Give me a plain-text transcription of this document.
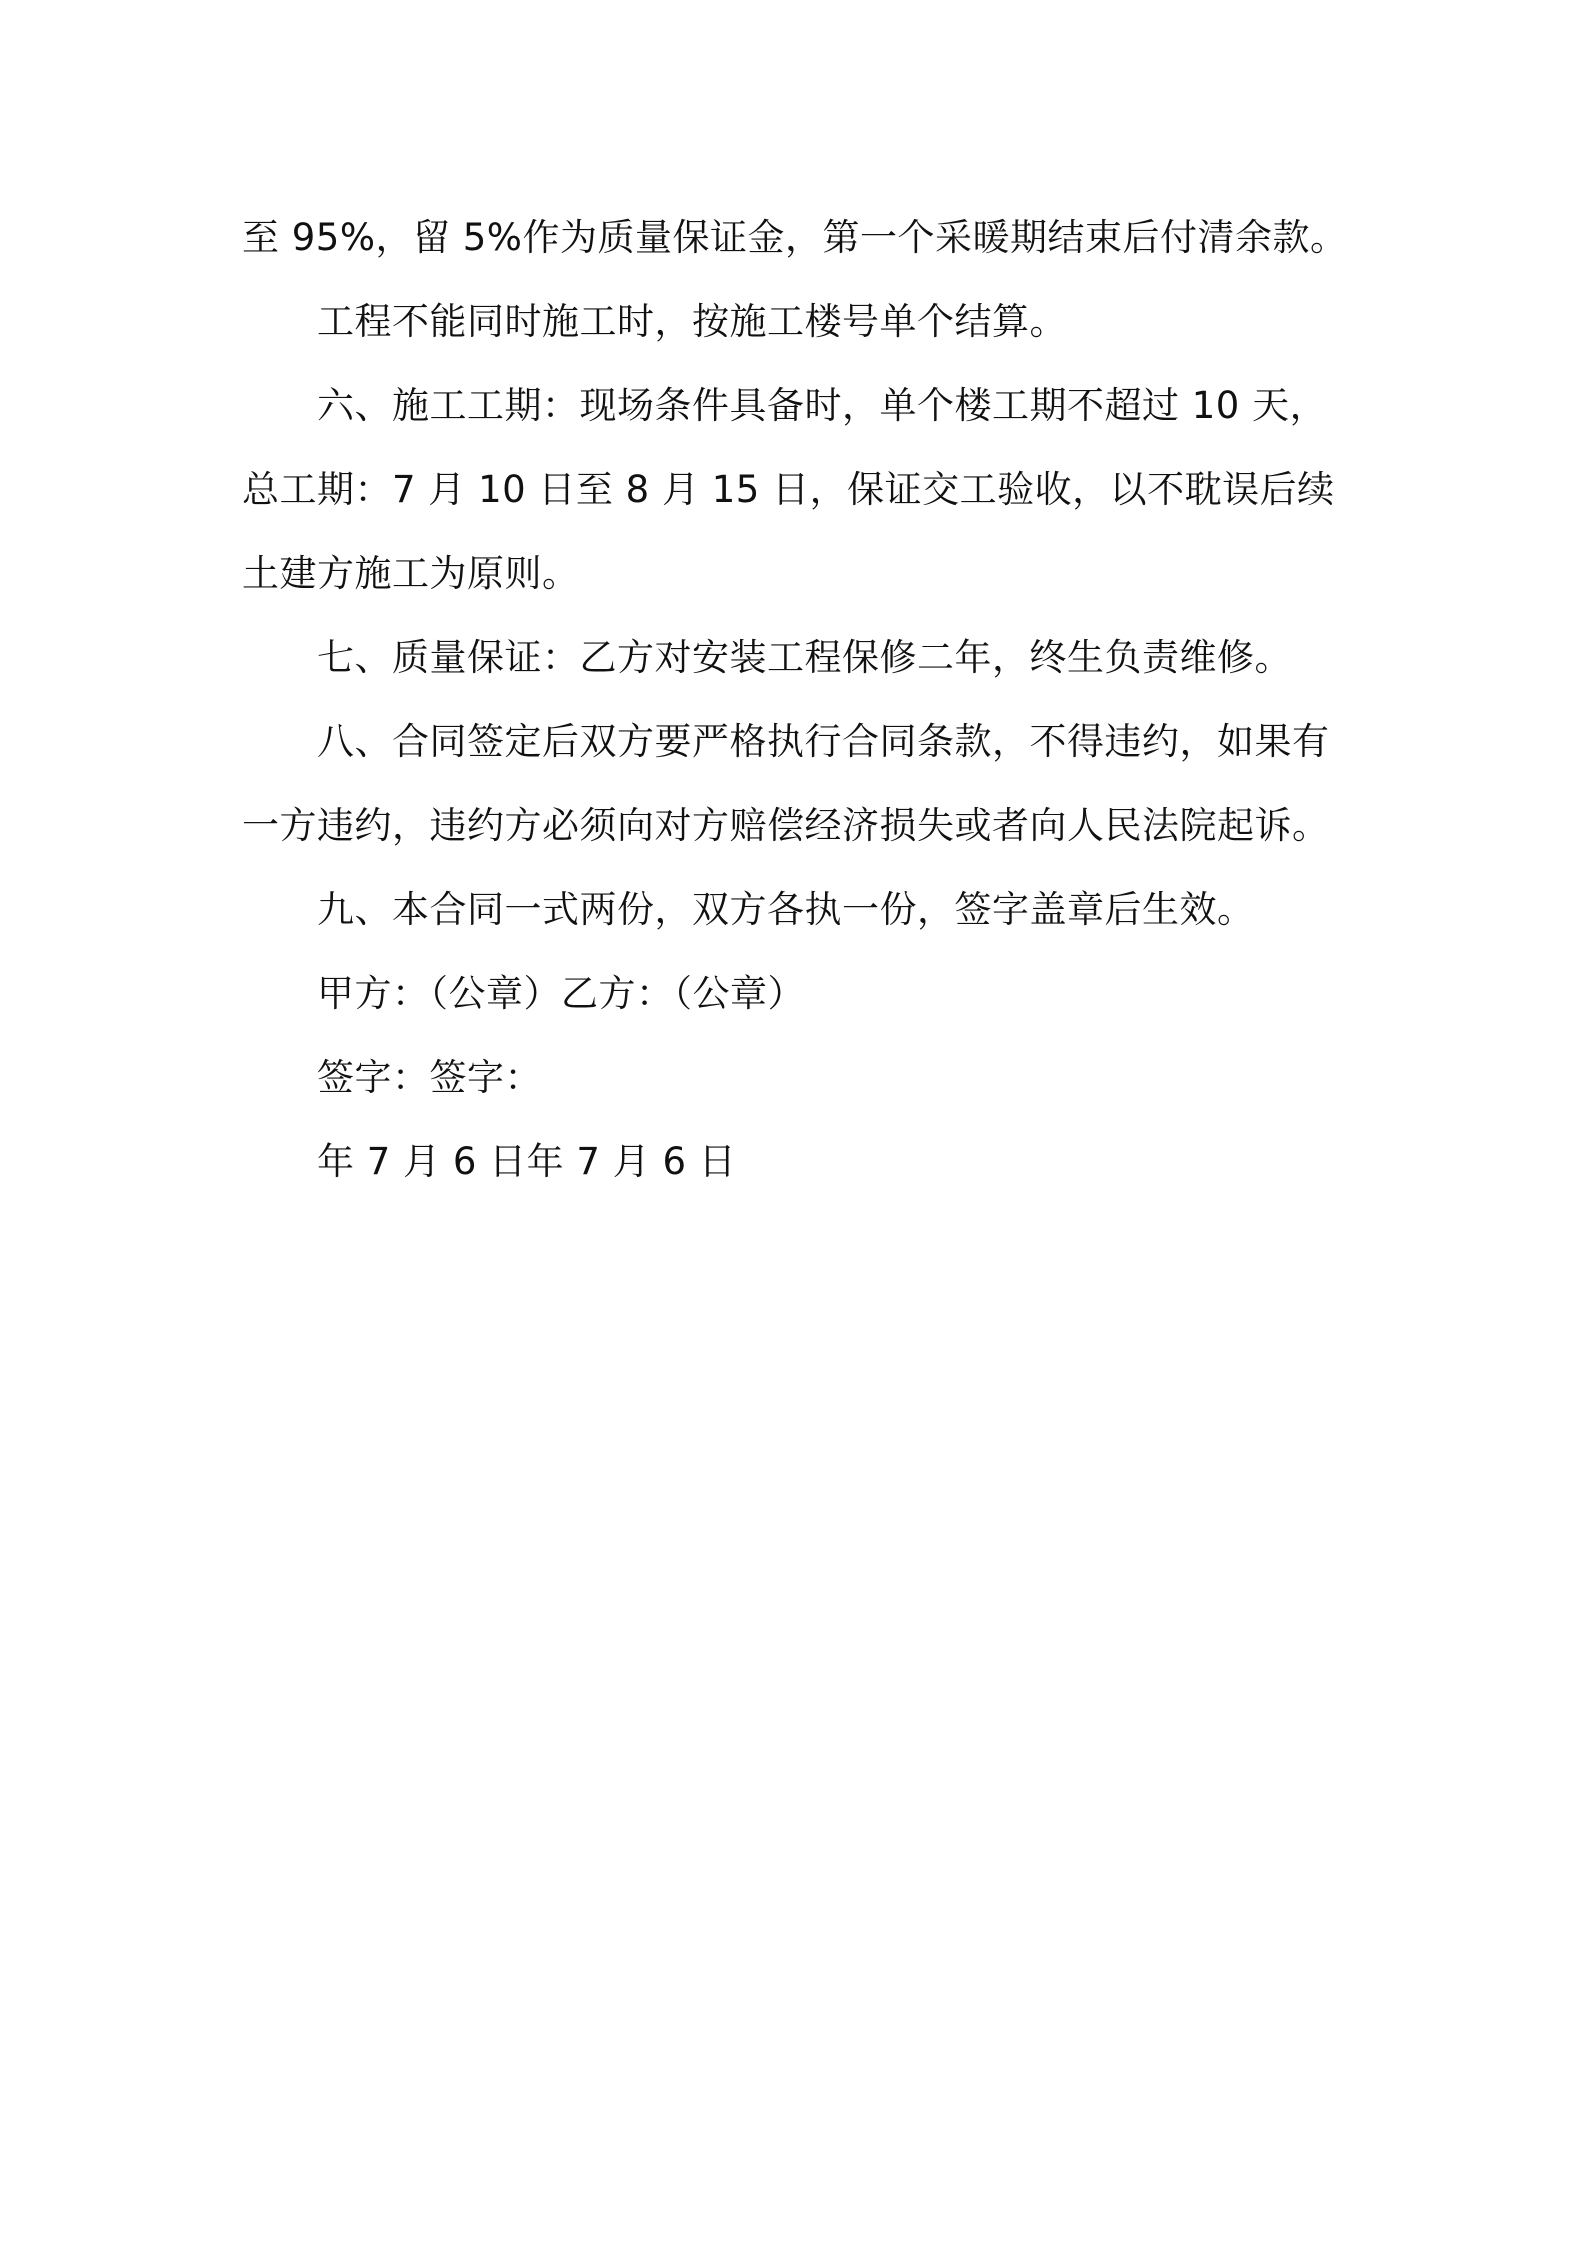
至 95%，留 5%作为质量保证金，第一个采暖期结束后付清余款。

工程不能同时施工时，按施工楼号单个结算。

六、施工工期：现场条件具备时，单个楼工期不超过 10 天，总工期：7 月 10 日至 8 月 15 日，保证交工验收，以不耽误后续土建方施工为原则。

七、质量保证：乙方对安装工程保修二年，终生负责维修。

八、合同签定后双方要严格执行合同条款，不得违约，如果有一方违约，违约方必须向对方赔偿经济损失或者向人民法院起诉。

九、本合同一式两份，双方各执一份，签字盖章后生效。

甲方：（公章）乙方：（公章）

签字：签字：

年 7 月 6 日年 7 月 6 日
